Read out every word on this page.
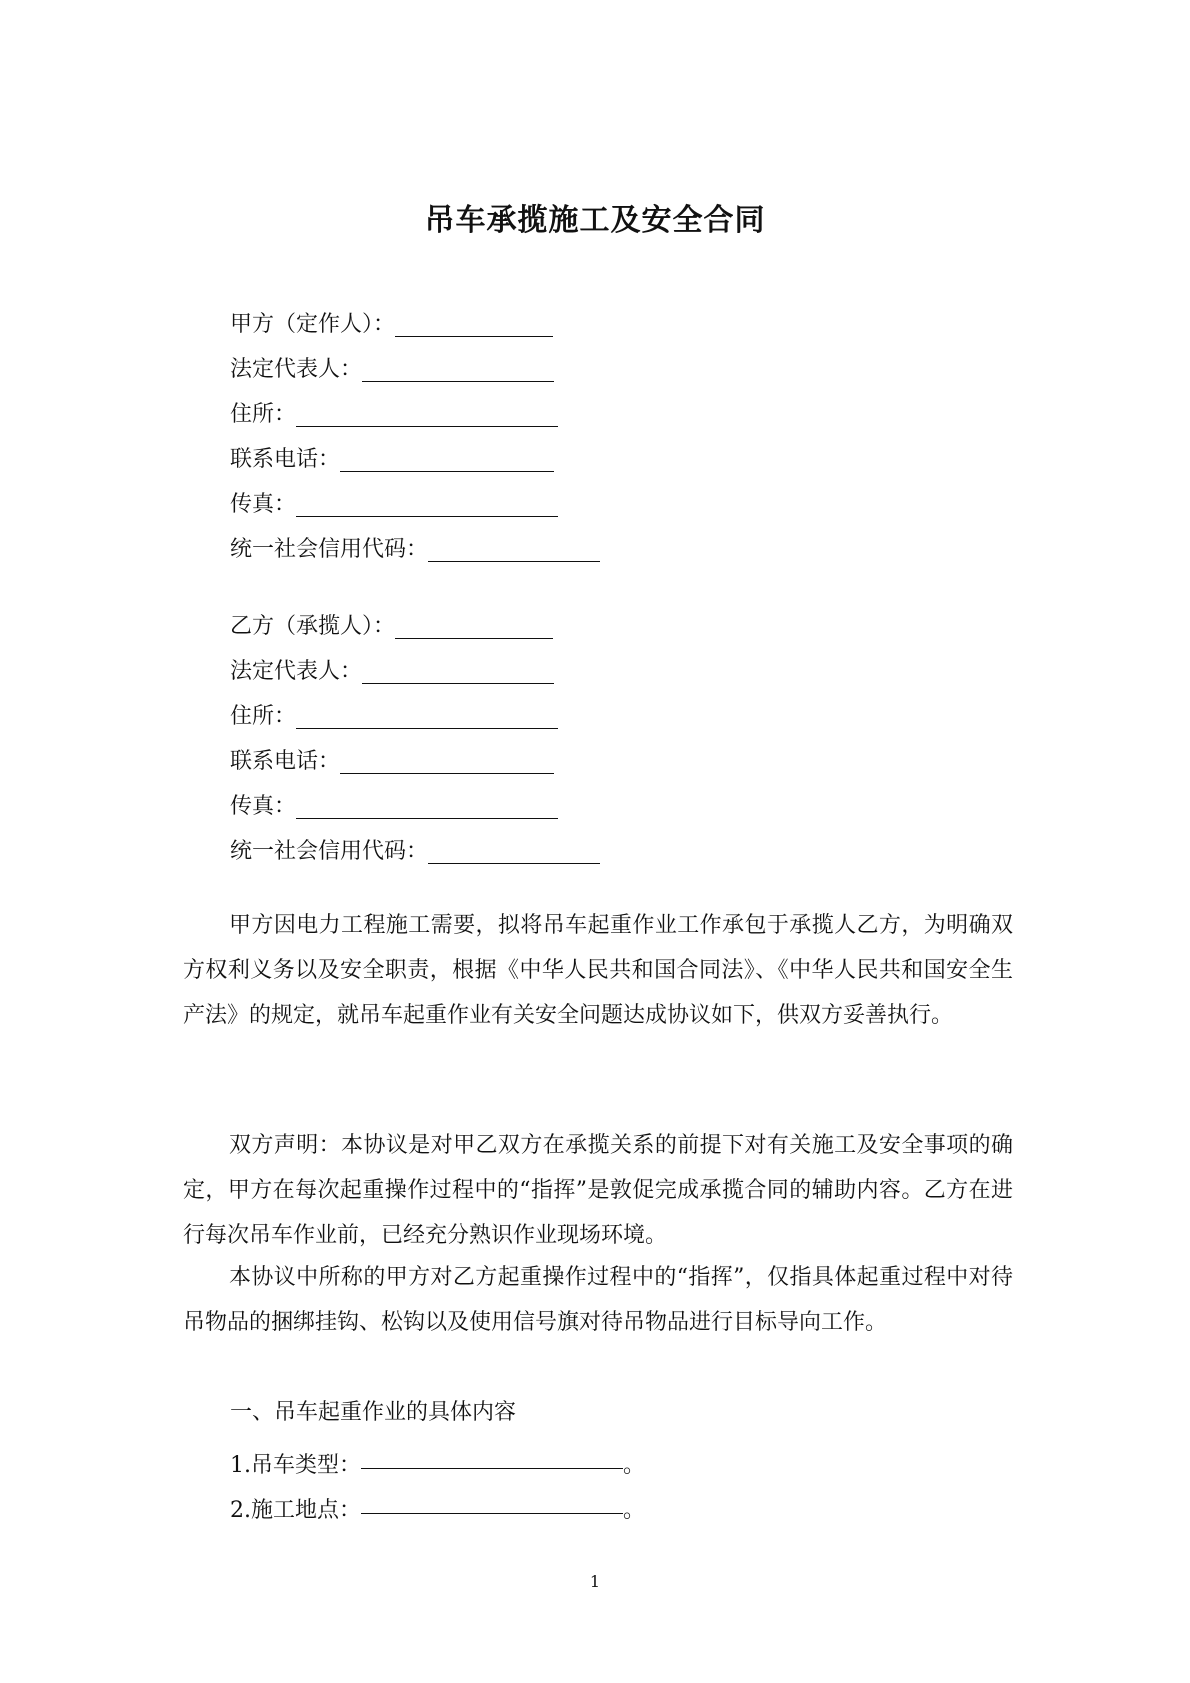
吊车承揽施工及安全合同
甲方（定作人）：
法定代表人：
住所：
联系电话：
传真：
统一社会信用代码：
乙方（承揽人）：
法定代表人：
住所：
联系电话：
传真：
统一社会信用代码：
甲方因电力工程施工需要，拟将吊车起重作业工作承包于承揽人乙方，为明确双方权利义务以及安全职责，根据《中华人民共和国合同法》、《中华人民共和国安全生产法》的规定，就吊车起重作业有关安全问题达成协议如下，供双方妥善执行。
双方声明：本协议是对甲乙双方在承揽关系的前提下对有关施工及安全事项的确定，甲方在每次起重操作过程中的“指挥”是敦促完成承揽合同的辅助内容。乙方在进行每次吊车作业前，已经充分熟识作业现场环境。
本协议中所称的甲方对乙方起重操作过程中的“指挥”，仅指具体起重过程中对待吊物品的捆绑挂钩、松钩以及使用信号旗对待吊物品进行目标导向工作。
一、吊车起重作业的具体内容
1.吊车类型：	。
2.施工地点：	。
1
